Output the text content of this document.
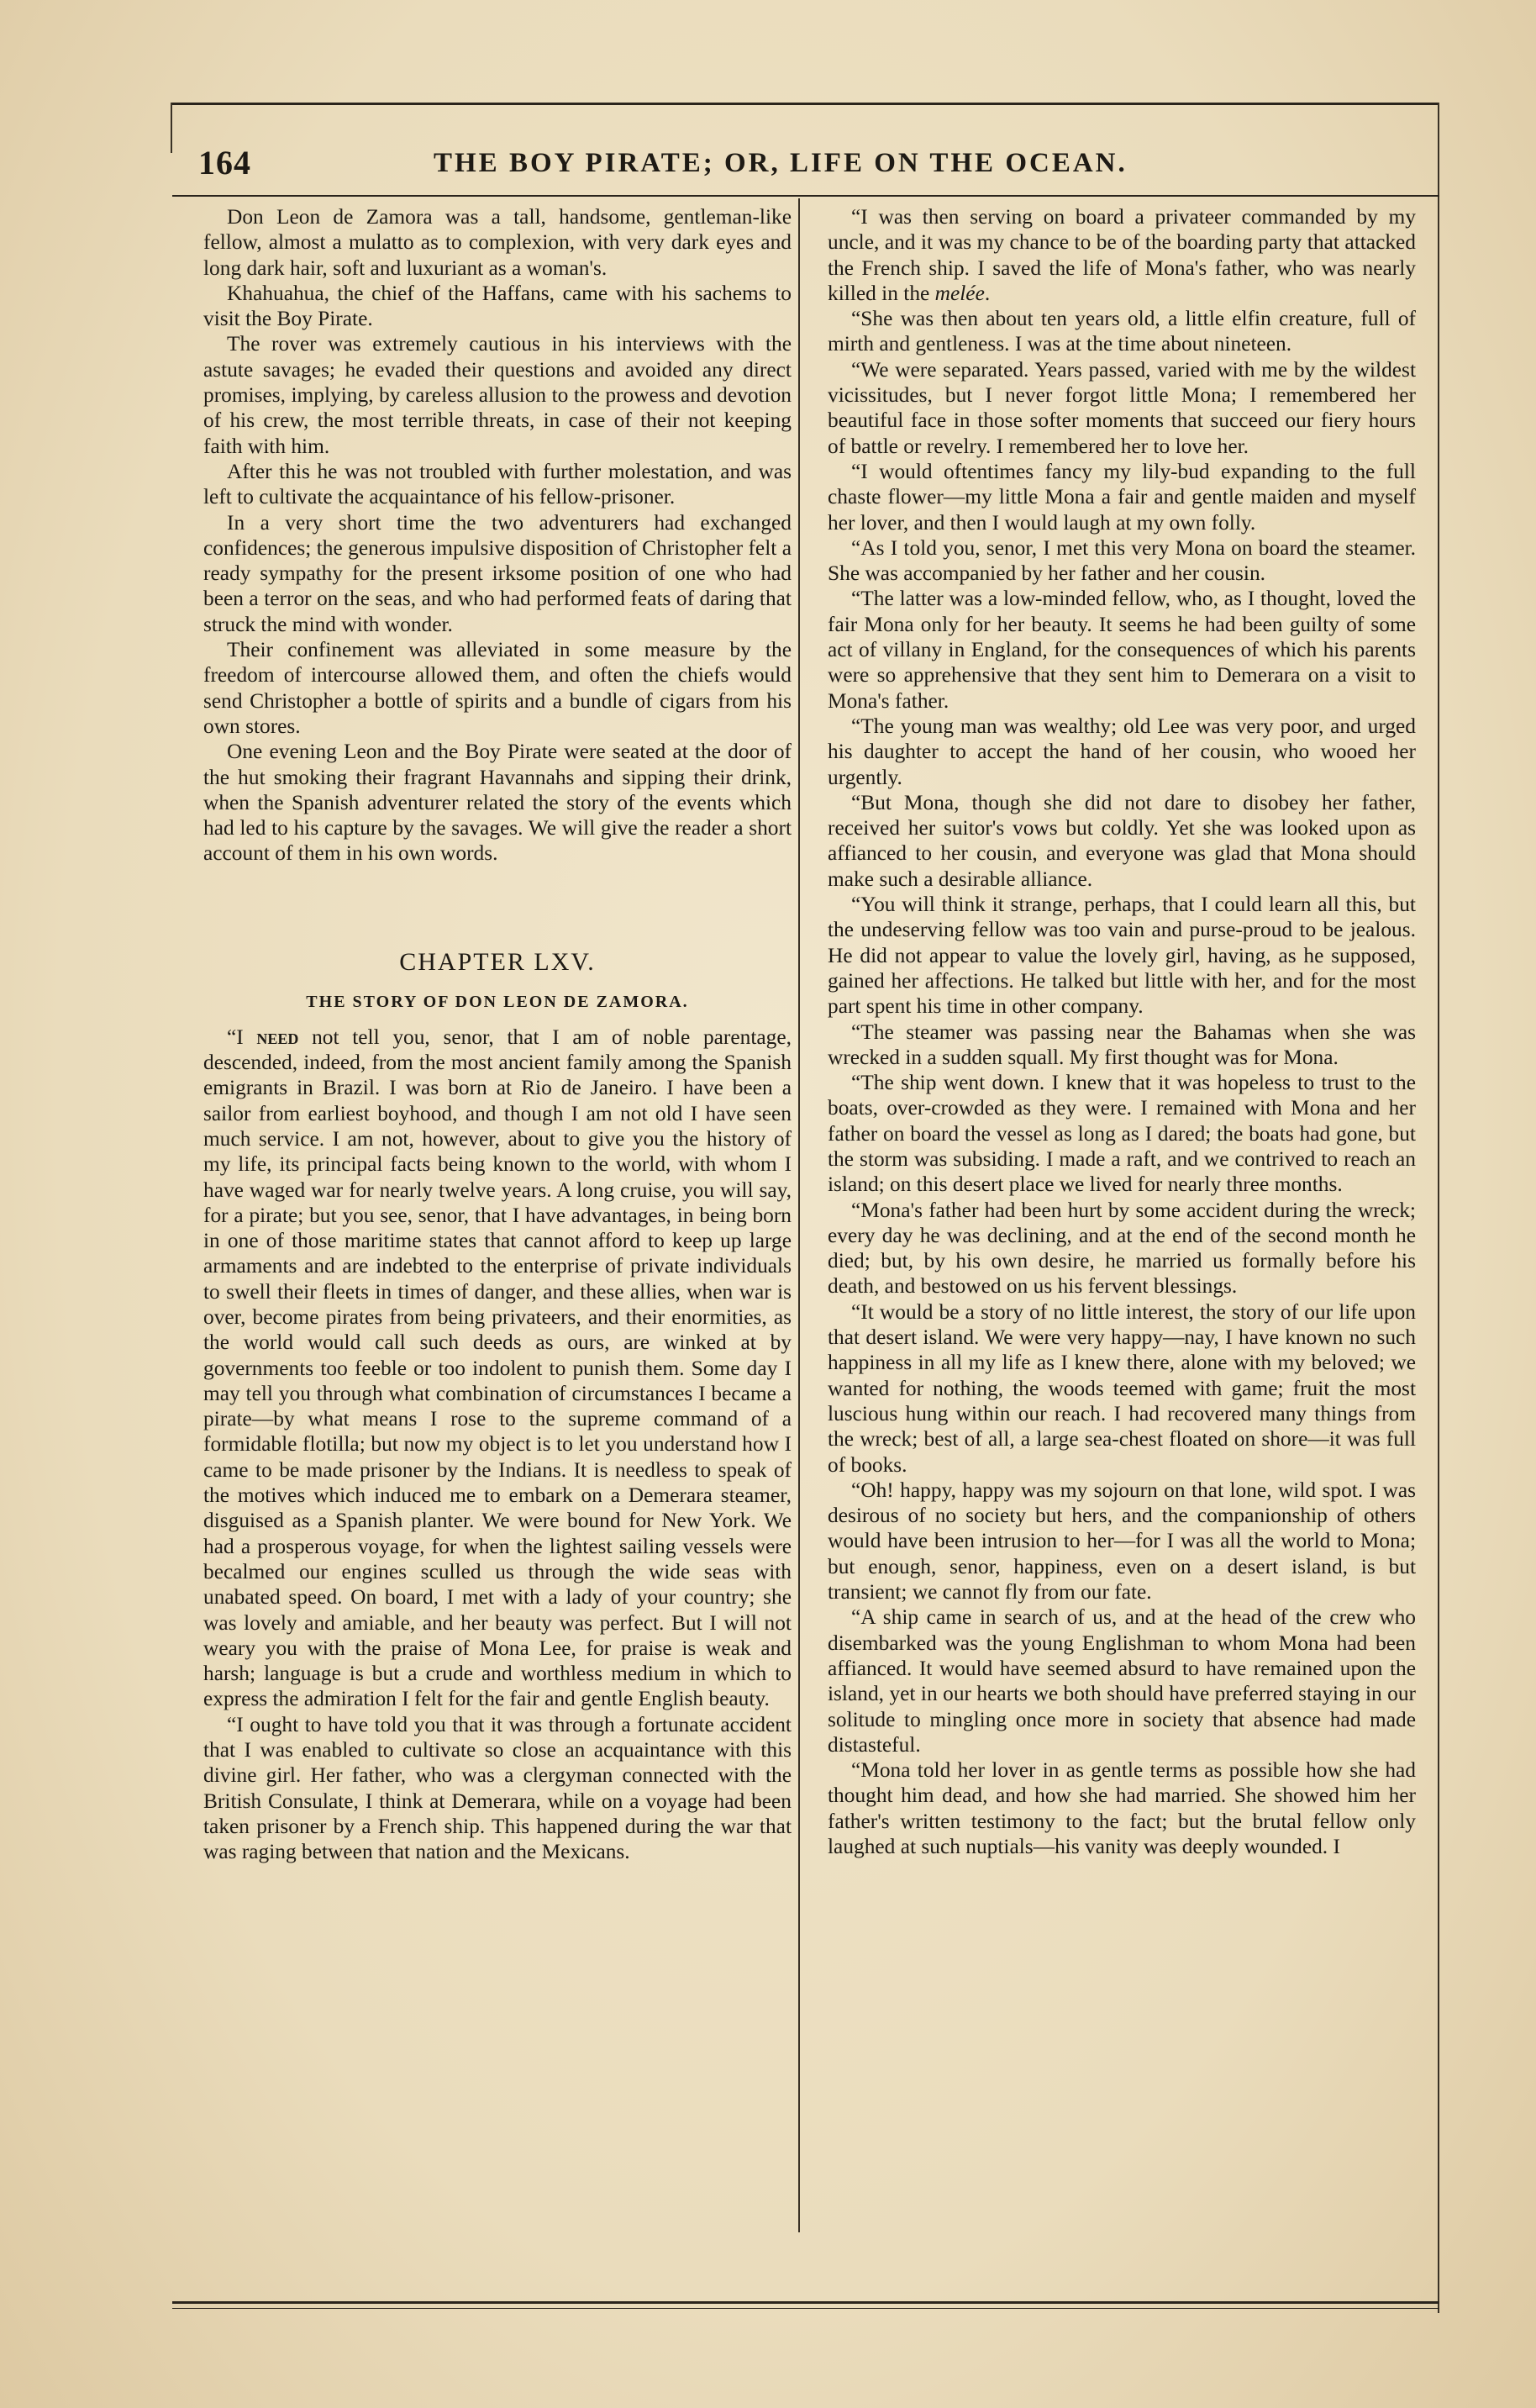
164	THE BOY PIRATE; OR, LIFE ON THE OCEAN.

Don Leon de Zamora was a tall, handsome, gentleman-like fellow, almost a mulatto as to complexion, with very dark eyes and long dark hair, soft and luxuriant as a woman's.

Khahuahua, the chief of the Haffans, came with his sachems to visit the Boy Pirate.

The rover was extremely cautious in his interviews with the astute savages; he evaded their questions and avoided any direct promises, implying, by careless allusion to the prowess and devotion of his crew, the most terrible threats, in case of their not keeping faith with him.

After this he was not troubled with further molestation, and was left to cultivate the acquaintance of his fellow-prisoner.

In a very short time the two adventurers had exchanged confidences; the generous impulsive disposition of Christopher felt a ready sympathy for the present irksome position of one who had been a terror on the seas, and who had performed feats of daring that struck the mind with wonder.

Their confinement was alleviated in some measure by the freedom of intercourse allowed them, and often the chiefs would send Christopher a bottle of spirits and a bundle of cigars from his own stores.

One evening Leon and the Boy Pirate were seated at the door of the hut smoking their fragrant Havannahs and sipping their drink, when the Spanish adventurer related the story of the events which had led to his capture by the savages. We will give the reader a short account of them in his own words.

CHAPTER LXV.
THE STORY OF DON LEON DE ZAMORA.

“I need not tell you, senor, that I am of noble parentage, descended, indeed, from the most ancient family among the Spanish emigrants in Brazil. I was born at Rio de Janeiro. I have been a sailor from earliest boyhood, and though I am not old I have seen much service. I am not, however, about to give you the history of my life, its principal facts being known to the world, with whom I have waged war for nearly twelve years. A long cruise, you will say, for a pirate; but you see, senor, that I have advantages, in being born in one of those maritime states that cannot afford to keep up large armaments and are indebted to the enterprise of private individuals to swell their fleets in times of danger, and these allies, when war is over, become pirates from being privateers, and their enormities, as the world would call such deeds as ours, are winked at by governments too feeble or too indolent to punish them. Some day I may tell you through what combination of circumstances I became a pirate—by what means I rose to the supreme command of a formidable flotilla; but now my object is to let you understand how I came to be made prisoner by the Indians. It is needless to speak of the motives which induced me to embark on a Demerara steamer, disguised as a Spanish planter. We were bound for New York. We had a prosperous voyage, for when the lightest sailing vessels were becalmed our engines sculled us through the wide seas with unabated speed. On board, I met with a lady of your country; she was lovely and amiable, and her beauty was perfect. But I will not weary you with the praise of Mona Lee, for praise is weak and harsh; language is but a crude and worthless medium in which to express the admiration I felt for the fair and gentle English beauty.

“I ought to have told you that it was through a fortunate accident that I was enabled to cultivate so close an acquaintance with this divine girl. Her father, who was a clergyman connected with the British Consulate, I think at Demerara, while on a voyage had been taken prisoner by a French ship. This happened during the war that was raging between that nation and the Mexicans.

“I was then serving on board a privateer commanded by my uncle, and it was my chance to be of the boarding party that attacked the French ship. I saved the life of Mona's father, who was nearly killed in the melée.

“She was then about ten years old, a little elfin creature, full of mirth and gentleness. I was at the time about nineteen.

“We were separated. Years passed, varied with me by the wildest vicissitudes, but I never forgot little Mona; I remembered her beautiful face in those softer moments that succeed our fiery hours of battle or revelry. I remembered her to love her.

“I would oftentimes fancy my lily-bud expanding to the full chaste flower—my little Mona a fair and gentle maiden and myself her lover, and then I would laugh at my own folly.

“As I told you, senor, I met this very Mona on board the steamer. She was accompanied by her father and her cousin.

“The latter was a low-minded fellow, who, as I thought, loved the fair Mona only for her beauty. It seems he had been guilty of some act of villany in England, for the consequences of which his parents were so apprehensive that they sent him to Demerara on a visit to Mona's father.

“The young man was wealthy; old Lee was very poor, and urged his daughter to accept the hand of her cousin, who wooed her urgently.

“But Mona, though she did not dare to disobey her father, received her suitor's vows but coldly. Yet she was looked upon as affianced to her cousin, and everyone was glad that Mona should make such a desirable alliance.

“You will think it strange, perhaps, that I could learn all this, but the undeserving fellow was too vain and purse-proud to be jealous. He did not appear to value the lovely girl, having, as he supposed, gained her affections. He talked but little with her, and for the most part spent his time in other company.

“The steamer was passing near the Bahamas when she was wrecked in a sudden squall. My first thought was for Mona.

“The ship went down. I knew that it was hopeless to trust to the boats, over-crowded as they were. I remained with Mona and her father on board the vessel as long as I dared; the boats had gone, but the storm was subsiding. I made a raft, and we contrived to reach an island; on this desert place we lived for nearly three months.

“Mona's father had been hurt by some accident during the wreck; every day he was declining, and at the end of the second month he died; but, by his own desire, he married us formally before his death, and bestowed on us his fervent blessings.

“It would be a story of no little interest, the story of our life upon that desert island. We were very happy—nay, I have known no such happiness in all my life as I knew there, alone with my beloved; we wanted for nothing, the woods teemed with game; fruit the most luscious hung within our reach. I had recovered many things from the wreck; best of all, a large sea-chest floated on shore—it was full of books.

“Oh! happy, happy was my sojourn on that lone, wild spot. I was desirous of no society but hers, and the companionship of others would have been intrusion to her—for I was all the world to Mona; but enough, senor, happiness, even on a desert island, is but transient; we cannot fly from our fate.

“A ship came in search of us, and at the head of the crew who disembarked was the young Englishman to whom Mona had been affianced. It would have seemed absurd to have remained upon the island, yet in our hearts we both should have preferred staying in our solitude to mingling once more in society that absence had made distasteful.

“Mona told her lover in as gentle terms as possible how she had thought him dead, and how she had married. She showed him her father's written testimony to the fact; but the brutal fellow only laughed at such nuptials—his vanity was deeply wounded. I
